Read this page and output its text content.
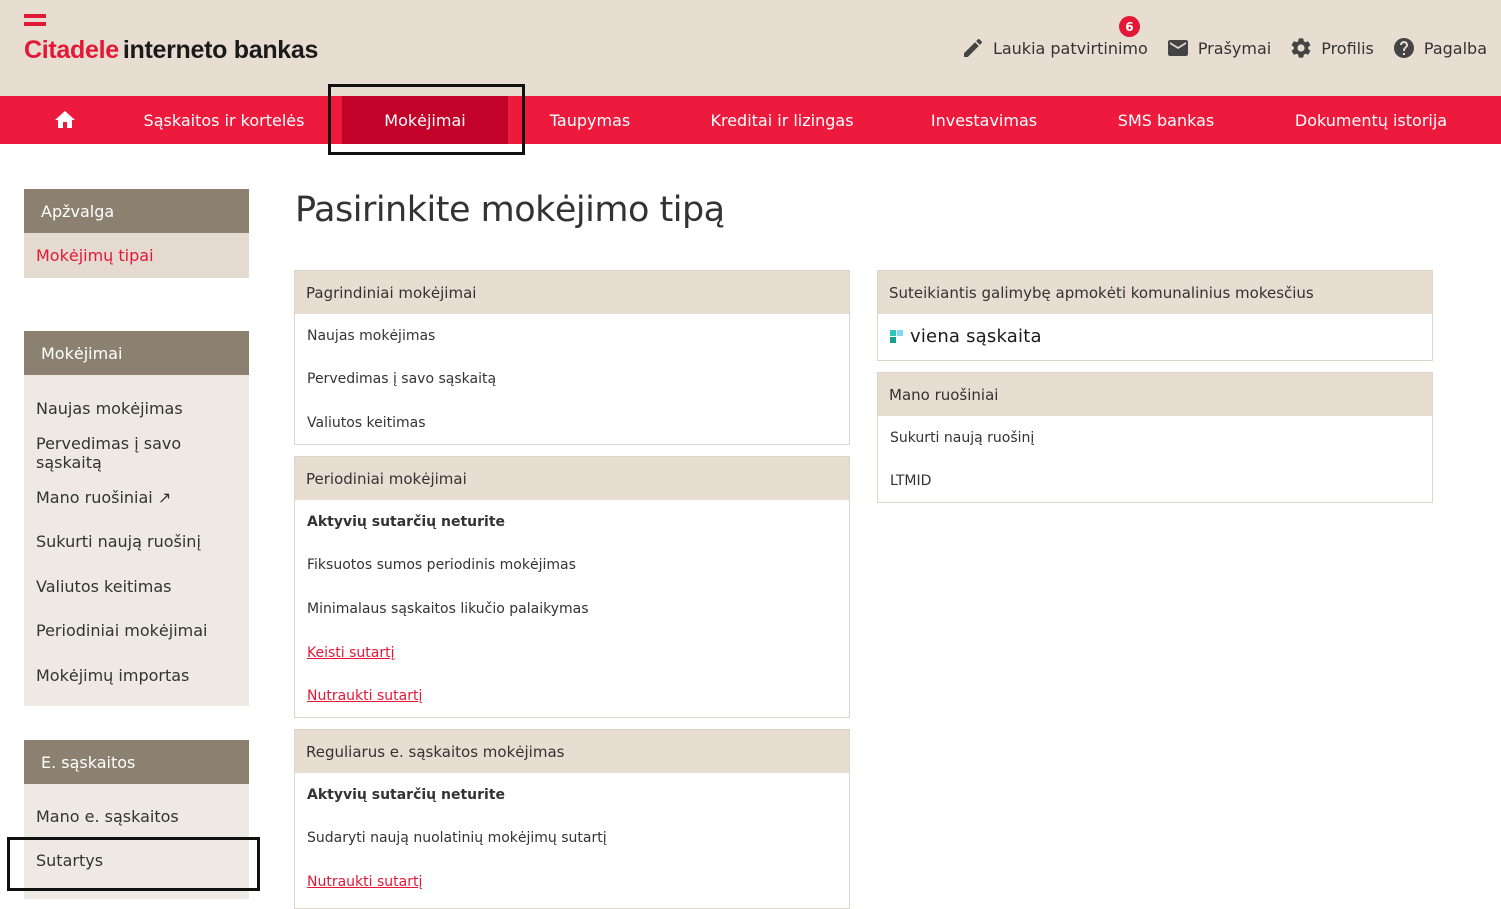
Citadele interneto bankas	Laukia patvirtinimo
6
Prašymai	Profilis	Pagalba
Sąskaitos ir kortelės	Mokėjimai	Taupymas	Kreditai ir lizingas	Investavimas	SMS bankas	Dokumentų istorija
Apžvalga
Mokėjimų tipai
Mokėjimai
Naujas mokėjimas
Pervedimas į savo sąskaitą
Mano ruošiniai ↗
Sukurti naują ruošinį
Valiutos keitimas
Periodiniai mokėjimai
Mokėjimų importas
E. sąskaitos
Mano e. sąskaitos
Sutartys
Pasirinkite mokėjimo tipą
Pagrindiniai mokėjimai
Naujas mokėjimas
Pervedimas į savo sąskaitą
Valiutos keitimas
Periodiniai mokėjimai
Aktyvių sutarčių neturite
Fiksuotos sumos periodinis mokėjimas
Minimalaus sąskaitos likučio palaikymas
Keisti sutartį
Nutraukti sutartį
Reguliarus e. sąskaitos mokėjimas
Aktyvių sutarčių neturite
Sudaryti naują nuolatinių mokėjimų sutartį
Nutraukti sutartį
Suteikiantis galimybę apmokėti komunalinius mokesčius
viena sąskaita
Mano ruošiniai
Sukurti naują ruošinį
LTMID
